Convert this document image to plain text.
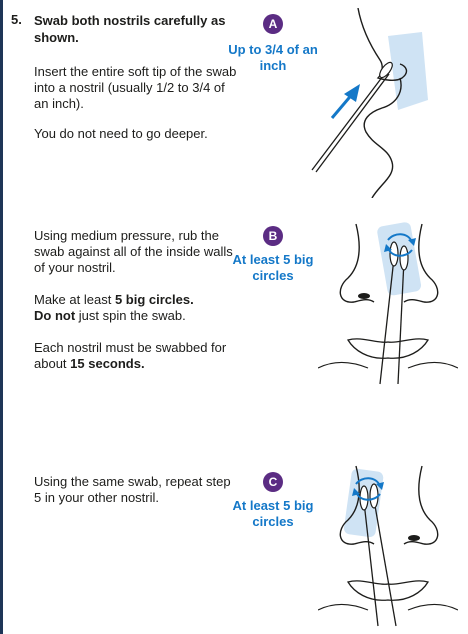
5. Swab both nostrils carefully as shown.

Insert the entire soft tip of the swab into a nostril (usually 1/2 to 3/4 of an inch).

You do not need to go deeper.

A
Up to 3/4 of an inch

Using medium pressure, rub the swab against all of the inside walls of your nostril.

Make at least 5 big circles.
Do not just spin the swab.

Each nostril must be swabbed for about 15 seconds.

B
At least 5 big circles

Using the same swab, repeat step 5 in your other nostril.

C
At least 5 big circles
